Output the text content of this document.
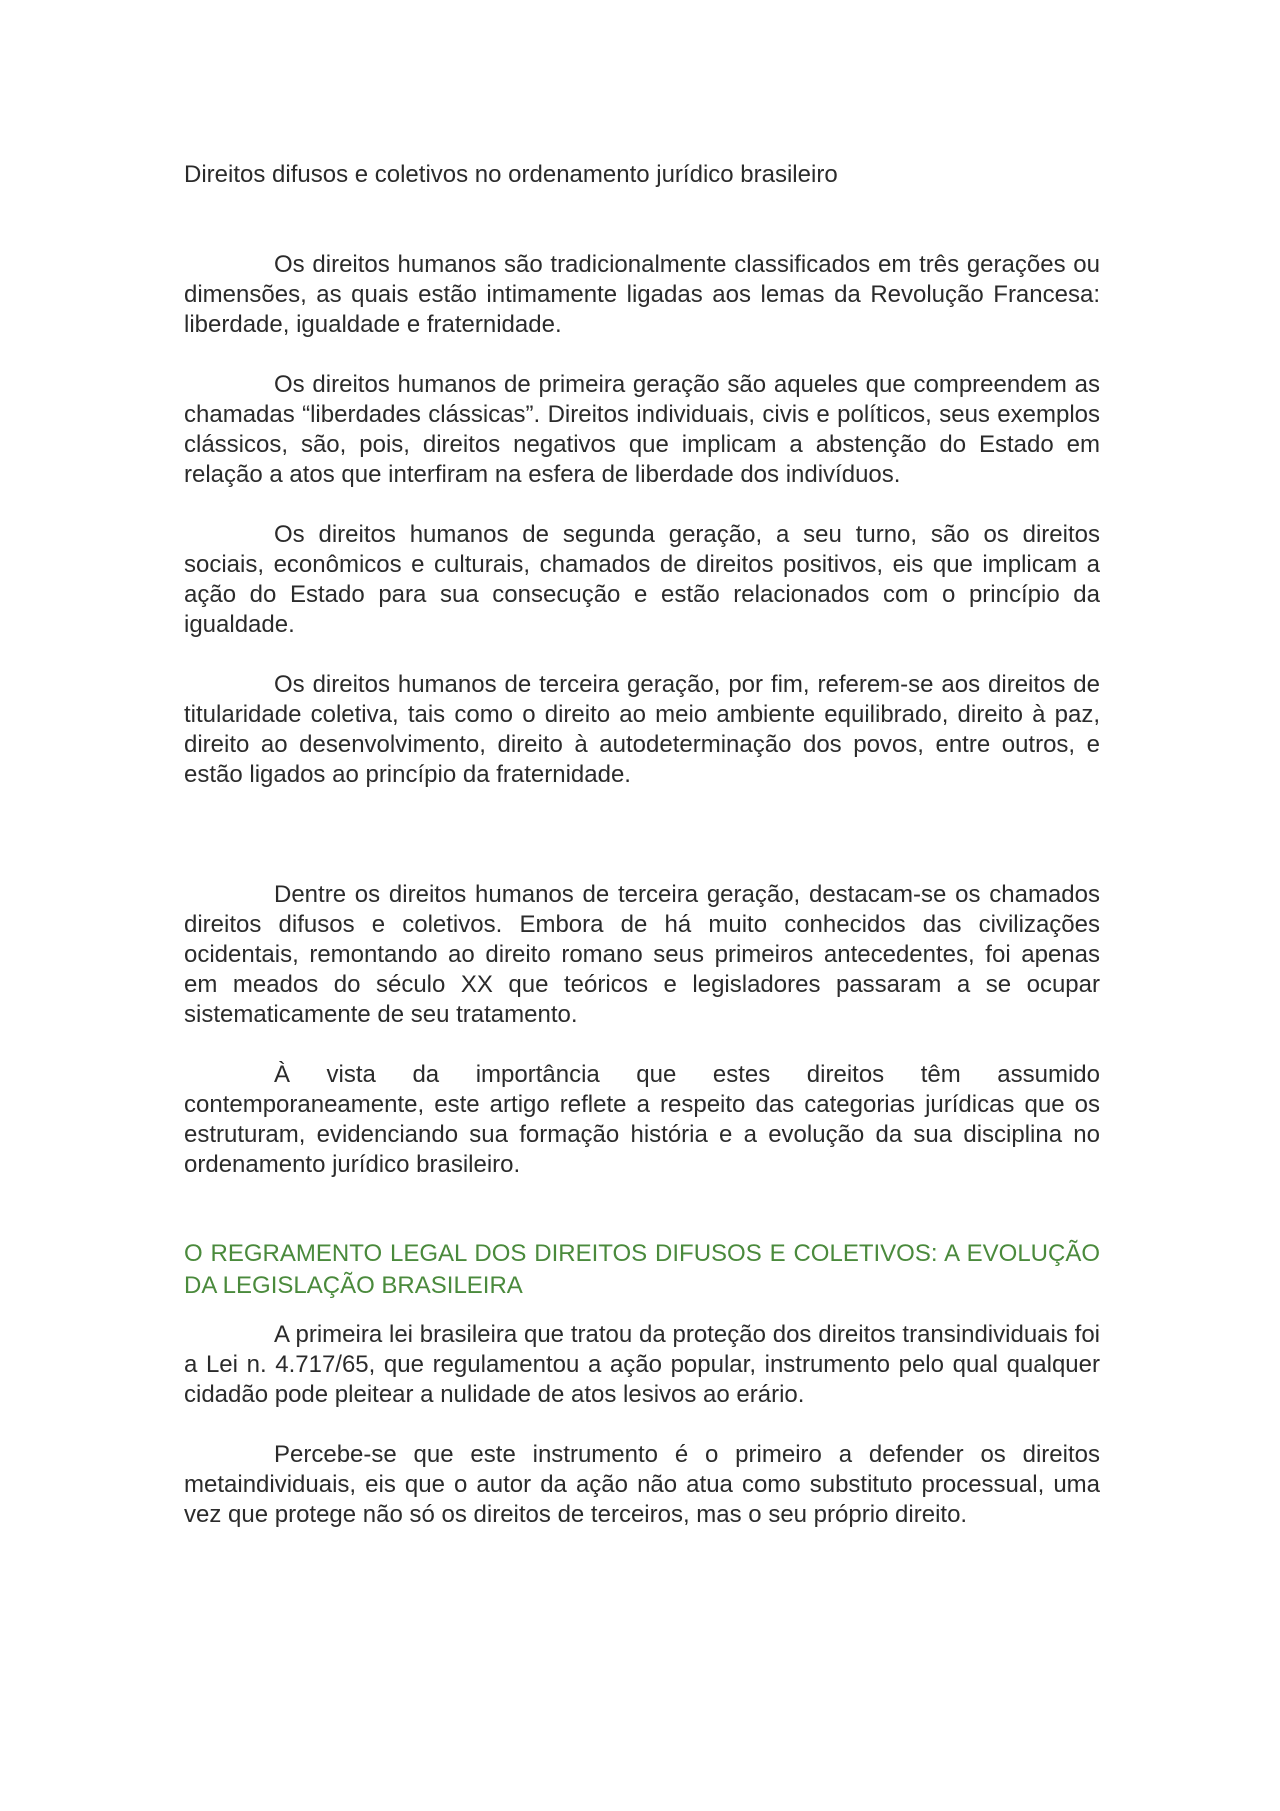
Direitos difusos e coletivos no ordenamento jurídico brasileiro

Os direitos humanos são tradicionalmente classificados em três gerações ou dimensões, as quais estão intimamente ligadas aos lemas da Revolução Francesa: liberdade, igualdade e fraternidade.

Os direitos humanos de primeira geração são aqueles que compreendem as chamadas “liberdades clássicas”. Direitos individuais, civis e políticos, seus exemplos clássicos, são, pois, direitos negativos que implicam a abstenção do Estado em relação a atos que interfiram na esfera de liberdade dos indivíduos.

Os direitos humanos de segunda geração, a seu turno, são os direitos sociais, econômicos e culturais, chamados de direitos positivos, eis que implicam a ação do Estado para sua consecução e estão relacionados com o princípio da igualdade.

Os direitos humanos de terceira geração, por fim, referem-se aos direitos de titularidade coletiva, tais como o direito ao meio ambiente equilibrado, direito à paz, direito ao desenvolvimento, direito à autodeterminação dos povos, entre outros, e estão ligados ao princípio da fraternidade.

Dentre os direitos humanos de terceira geração, destacam-se os chamados direitos difusos e coletivos. Embora de há muito conhecidos das civilizações ocidentais, remontando ao direito romano seus primeiros antecedentes, foi apenas em meados do século XX que teóricos e legisladores passaram a se ocupar sistematicamente de seu tratamento.

À vista da importância que estes direitos têm assumido contemporaneamente, este artigo reflete a respeito das categorias jurídicas que os estruturam, evidenciando sua formação história e a evolução da sua disciplina no ordenamento jurídico brasileiro.

O REGRAMENTO LEGAL DOS DIREITOS DIFUSOS E COLETIVOS: A EVOLUÇÃO DA LEGISLAÇÃO BRASILEIRA

A primeira lei brasileira que tratou da proteção dos direitos transindividuais foi a Lei n. 4.717/65, que regulamentou a ação popular, instrumento pelo qual qualquer cidadão pode pleitear a nulidade de atos lesivos ao erário.

Percebe-se que este instrumento é o primeiro a defender os direitos metaindividuais, eis que o autor da ação não atua como substituto processual, uma vez que protege não só os direitos de terceiros, mas o seu próprio direito.
